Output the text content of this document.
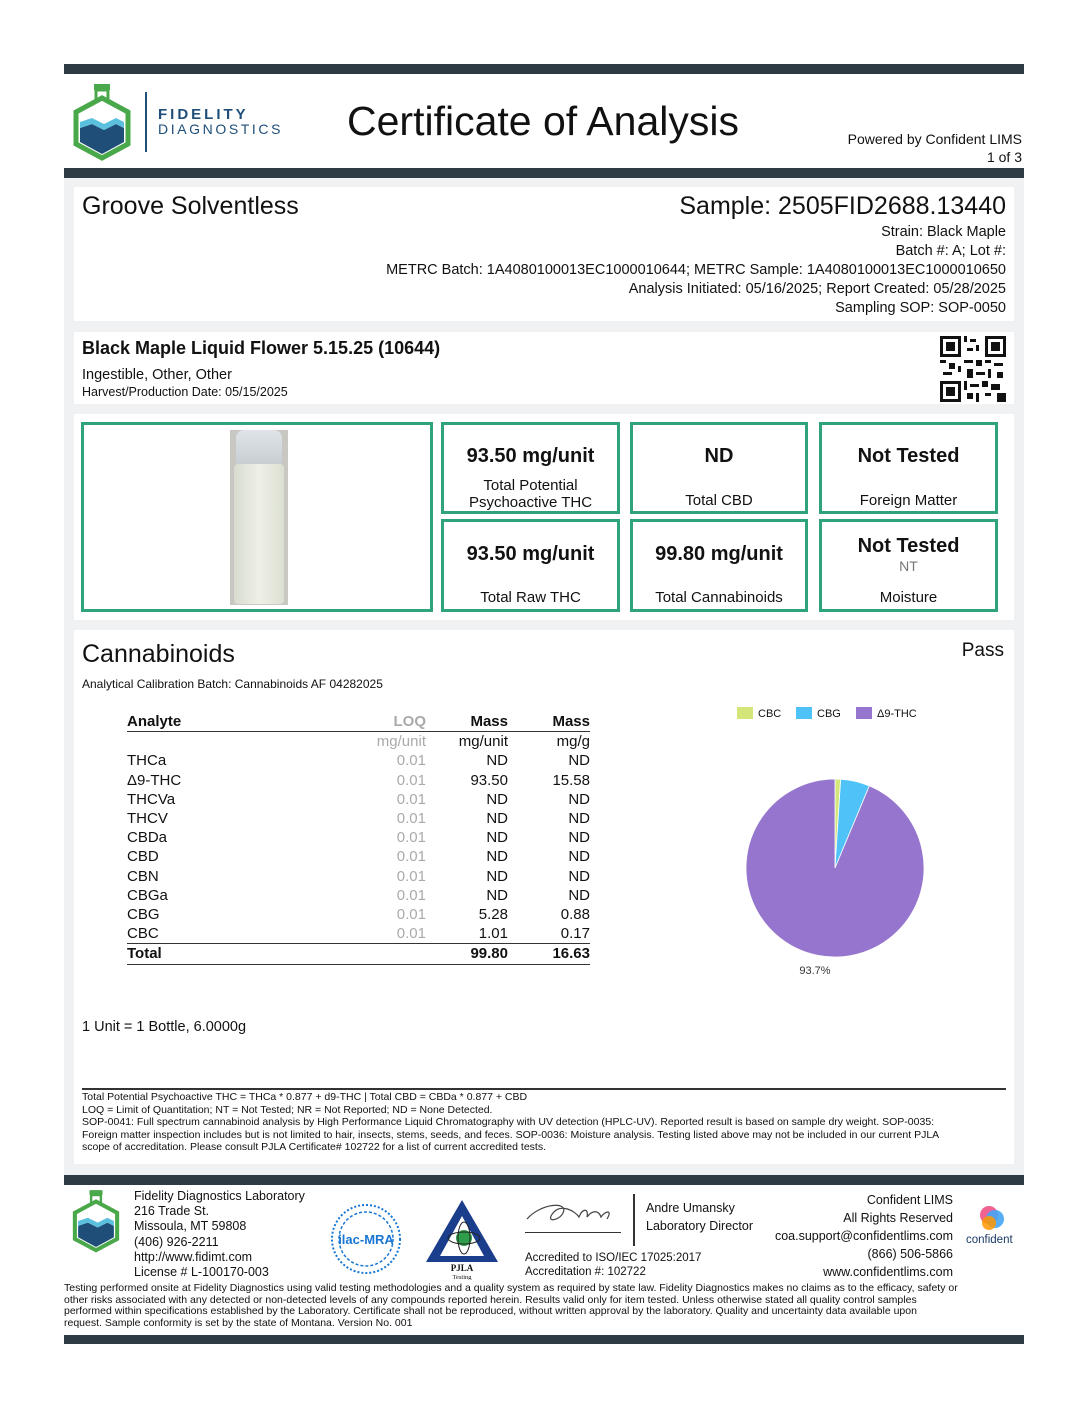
FIDELITY
DIAGNOSTICS	Certificate of Analysis	Powered by Confident LIMS
1 of 3
Groove Solventless	Sample: 2505FID2688.13440
Strain: Black Maple
Batch #: A; Lot #:
METRC Batch: 1A4080100013EC1000010644; METRC Sample: 1A4080100013EC1000010650
Analysis Initiated: 05/16/2025; Report Created: 05/28/2025
Sampling SOP: SOP-0050
Black Maple Liquid Flower 5.15.25 (10644)
Ingestible, Other, Other
Harvest/Production Date: 05/15/2025
93.50 mg/unit
Total Potential
Psychoactive THC
ND
Total CBD
Not Tested
Foreign Matter
93.50 mg/unit
Total Raw THC
99.80 mg/unit
Total Cannabinoids
Not Tested
NT
Moisture
Cannabinoids	Pass
Analytical Calibration Batch: Cannabinoids AF 04282025
1 Unit = 1 Bottle, 6.0000g
Analyte	LOQ	Mass	Mass
	mg/unit	mg/unit	mg/g
THCa	0.01	ND	ND
Δ9-THC	0.01	93.50	15.58
THCVa	0.01	ND	ND
THCV	0.01	ND	ND
CBDa	0.01	ND	ND
CBD	0.01	ND	ND
CBN	0.01	ND	ND
CBGa	0.01	ND	ND
CBG	0.01	5.28	0.88
CBC	0.01	1.01	0.17
Total		99.80	16.63
CBC	CBG	Δ9-THC
93.7%
Total Potential Psychoactive THC = THCa * 0.877 + d9-THC | Total CBD = CBDa * 0.877 + CBD
LOQ = Limit of Quantitation; NT = Not Tested; NR = Not Reported; ND = None Detected.
SOP-0041: Full spectrum cannabinoid analysis by High Performance Liquid Chromatography with UV detection (HPLC-UV). Reported result is based on sample dry weight. SOP-0035:
Foreign matter inspection includes but is not limited to hair, insects, stems, seeds, and feces. SOP-0036: Moisture analysis. Testing listed above may not be included in our current PJLA
scope of accreditation. Please consult PJLA Certificate# 102722 for a list of current accredited tests.
Fidelity Diagnostics Laboratory
216 Trade St.
Missoula, MT 59808
(406) 926-2211
http://www.fidimt.com
License # L-100170-003
ilac-MRA
PJLA
Testing
Andre Umansky
Laboratory Director
Accredited to ISO/IEC 17025:2017
Accreditation #: 102722
Confident LIMS
All Rights Reserved
coa.support@confidentlims.com
(866) 506-5866
www.confidentlims.com
confident
Testing performed onsite at Fidelity Diagnostics using valid testing methodologies and a quality system as required by state law. Fidelity Diagnostics makes no claims as to the efficacy, safety or
other risks associated with any detected or non-detected levels of any compounds reported herein. Results valid only for item tested. Unless otherwise stated all quality control samples
performed within specifications established by the Laboratory. Certificate shall not be reproduced, without written approval by the laboratory. Quality and uncertainty data available upon
request. Sample conformity is set by the state of Montana. Version No. 001
